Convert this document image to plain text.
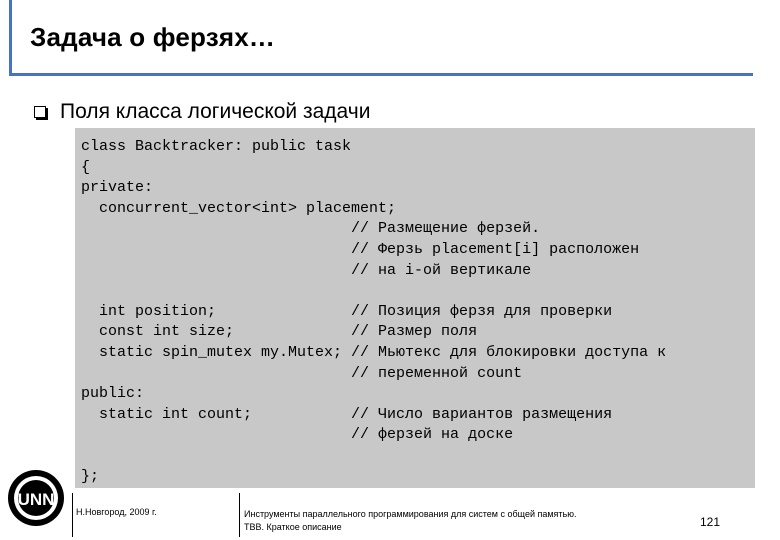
Задача о ферзях…
Поля класса логической задачи
class Backtracker: public task
{
private:
concurrent_vector<int> placement;
// Размещение ферзей.
// Ферзь placement[i] расположен
// на i-ой вертикале

int position;               // Позиция ферзя для проверки
const int size;             // Размер поля
static spin_mutex my.Mutex; // Мьютекс для блокировки доступа к
// переменной count
public:
static int count;           // Число вариантов размещения
// ферзей на доске

};
UNN
Н.Новгород, 2009 г.	Инструменты параллельного программирования для систем с общей памятью.
ТВВ. Краткое описание	121
